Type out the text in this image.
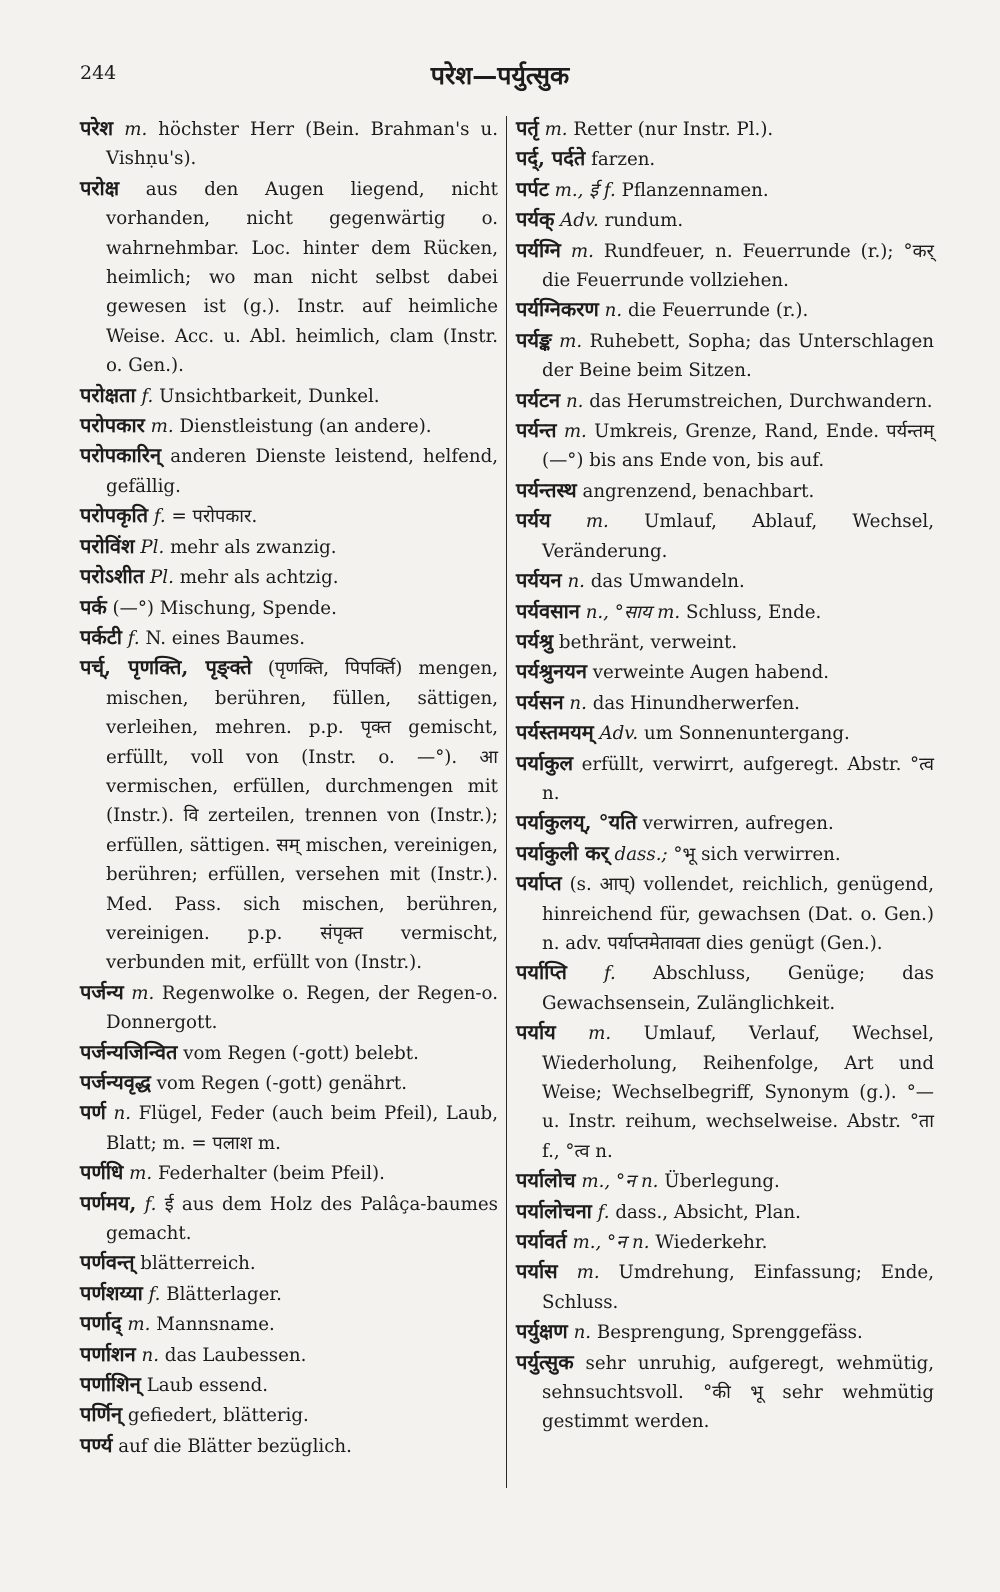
244	परेश—पर्युत्सुक

परेश m. höchster Herr (Bein. Brahman's u. Vishṇu's).

परोक्ष aus den Augen liegend, nicht vorhanden, nicht gegenwärtig o. wahrnehmbar. Loc. hinter dem Rücken, heimlich; wo man nicht selbst dabei gewesen ist (g.). Instr. auf heimliche Weise. Acc. u. Abl. heimlich, clam (Instr. o. Gen.).

परोक्षता f. Unsichtbarkeit, Dunkel.

परोपकार m. Dienstleistung (an andere).

परोपकारिन् anderen Dienste leistend, helfend, gefällig.

परोपकृति f. = परोपकार.

परोविंश Pl. mehr als zwanzig.

परोऽशीत Pl. mehr als achtzig.

पर्क (—°) Mischung, Spende.

पर्कटी f. N. eines Baumes.

पर्च्, पृणक्ति, पृङ्क्ते (पृणक्ति, पिपर्क्ति) mengen, mischen, berühren, füllen, sättigen, verleihen, mehren. p.p. पृक्त gemischt, erfüllt, voll von (Instr. o. —°). आ vermischen, erfüllen, durchmengen mit (Instr.). वि zerteilen, trennen von (Instr.); erfüllen, sättigen. सम् mischen, vereinigen, berühren; erfüllen, versehen mit (Instr.). Med. Pass. sich mischen, berühren, vereinigen. p.p. संपृक्त vermischt, verbunden mit, erfüllt von (Instr.).

पर्जन्य m. Regenwolke o. Regen, der Regen-o. Donnergott.

पर्जन्यजिन्वित vom Regen (-gott) belebt.

पर्जन्यवृद्ध vom Regen (-gott) genährt.

पर्ण n. Flügel, Feder (auch beim Pfeil), Laub, Blatt; m. = पलाश m.

पर्णधि m. Federhalter (beim Pfeil).

पर्णमय, f. ई aus dem Holz des Palâça-baumes gemacht.

पर्णवन्त् blätterreich.

पर्णशय्या f. Blätterlager.

पर्णाद् m. Mannsname.

पर्णाशन n. das Laubessen.

पर्णाशिन् Laub essend.

पर्णिन् gefiedert, blätterig.

पर्ण्य auf die Blätter bezüglich.

पर्तृ m. Retter (nur Instr. Pl.).

पर्द्, पर्दते farzen.

पर्पट m., ई f. Pflanzennamen.

पर्यक् Adv. rundum.

पर्यग्नि m. Rundfeuer, n. Feuerrunde (r.); °कर् die Feuerrunde vollziehen.

पर्यग्निकरण n. die Feuerrunde (r.).

पर्यङ्क m. Ruhebett, Sopha; das Unterschlagen der Beine beim Sitzen.

पर्यटन n. das Herumstreichen, Durchwandern.

पर्यन्त m. Umkreis, Grenze, Rand, Ende. पर्यन्तम् (—°) bis ans Ende von, bis auf.

पर्यन्तस्थ angrenzend, benachbart.

पर्यय m. Umlauf, Ablauf, Wechsel, Veränderung.

पर्ययन n. das Umwandeln.

पर्यवसान n., °साय m. Schluss, Ende.

पर्यश्रु bethränt, verweint.

पर्यश्रुनयन verweinte Augen habend.

पर्यसन n. das Hinundherwerfen.

पर्यस्तमयम् Adv. um Sonnenuntergang.

पर्याकुल erfüllt, verwirrt, aufgeregt. Abstr. °त्व n.

पर्याकुलय्, °यति verwirren, aufregen.

पर्याकुली कर् dass.; °भू sich verwirren.

पर्याप्त (s. आप्) vollendet, reichlich, genügend, hinreichend für, gewachsen (Dat. o. Gen.) n. adv. पर्याप्तमेतावता dies genügt (Gen.).

पर्याप्ति f. Abschluss, Genüge; das Gewachsensein, Zulänglichkeit.

पर्याय m. Umlauf, Verlauf, Wechsel, Wiederholung, Reihenfolge, Art und Weise; Wechselbegriff, Synonym (g.). °— u. Instr. reihum, wechselweise. Abstr. °ता f., °त्व n.

पर्यालोच m., °न n. Überlegung.

पर्यालोचना f. dass., Absicht, Plan.

पर्यावर्त m., °न n. Wiederkehr.

पर्यास m. Umdrehung, Einfassung; Ende, Schluss.

पर्युक्षण n. Besprengung, Sprenggefäss.

पर्युत्सुक sehr unruhig, aufgeregt, wehmütig, sehnsuchtsvoll. °की भू sehr wehmütig gestimmt werden.
